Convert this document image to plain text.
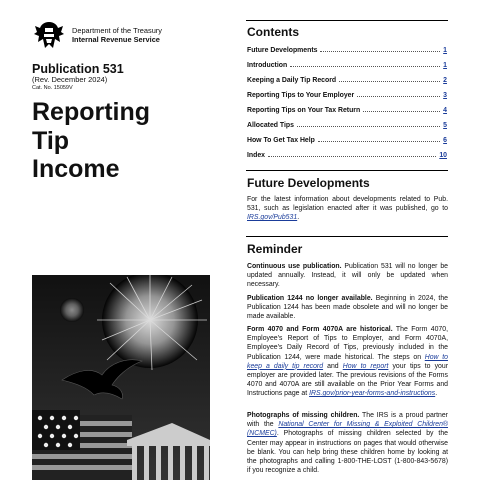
Department of the Treasury
Internal Revenue Service
Publication 531
(Rev. December 2024)
Cat. No. 15059V
Reporting
Tip
Income
Contents
Future Developments	1
Introduction	1
Keeping a Daily Tip Record	2
Reporting Tips to Your Employer	3
Reporting Tips on Your Tax Return	4
Allocated Tips	5
How To Get Tax Help	6
Index	10
Future Developments
For the latest information about developments related to Pub. 531, such as legislation enacted after it was published, go to IRS.gov/Pub531.
Reminder
Continuous use publication. Publication 531 will no longer be updated annually. Instead, it will only be updated when necessary.
Publication 1244 no longer available. Beginning in 2024, the Publication 1244 has been made obsolete and will no longer be made available.
Form 4070 and Form 4070A are historical. The Form 4070, Employee's Report of Tips to Employer, and Form 4070A, Employee's Daily Record of Tips, previously included in the Publication 1244, were made historical. The steps on How to keep a daily tip record and How to report your tips to your employer are provided later. The previous revisions of the Forms 4070 and 4070A are still available on the Prior Year Forms and Instructions page at IRS.gov/prior-year-forms-and-instructions.
Photographs of missing children. The IRS is a proud partner with the National Center for Missing & Exploited Children® (NCMEC). Photographs of missing children selected by the Center may appear in instructions on pages that would otherwise be blank. You can help bring these children home by looking at the photographs and calling 1-800-THE-LOST (1-800-843-5678) if you recognize a child.
